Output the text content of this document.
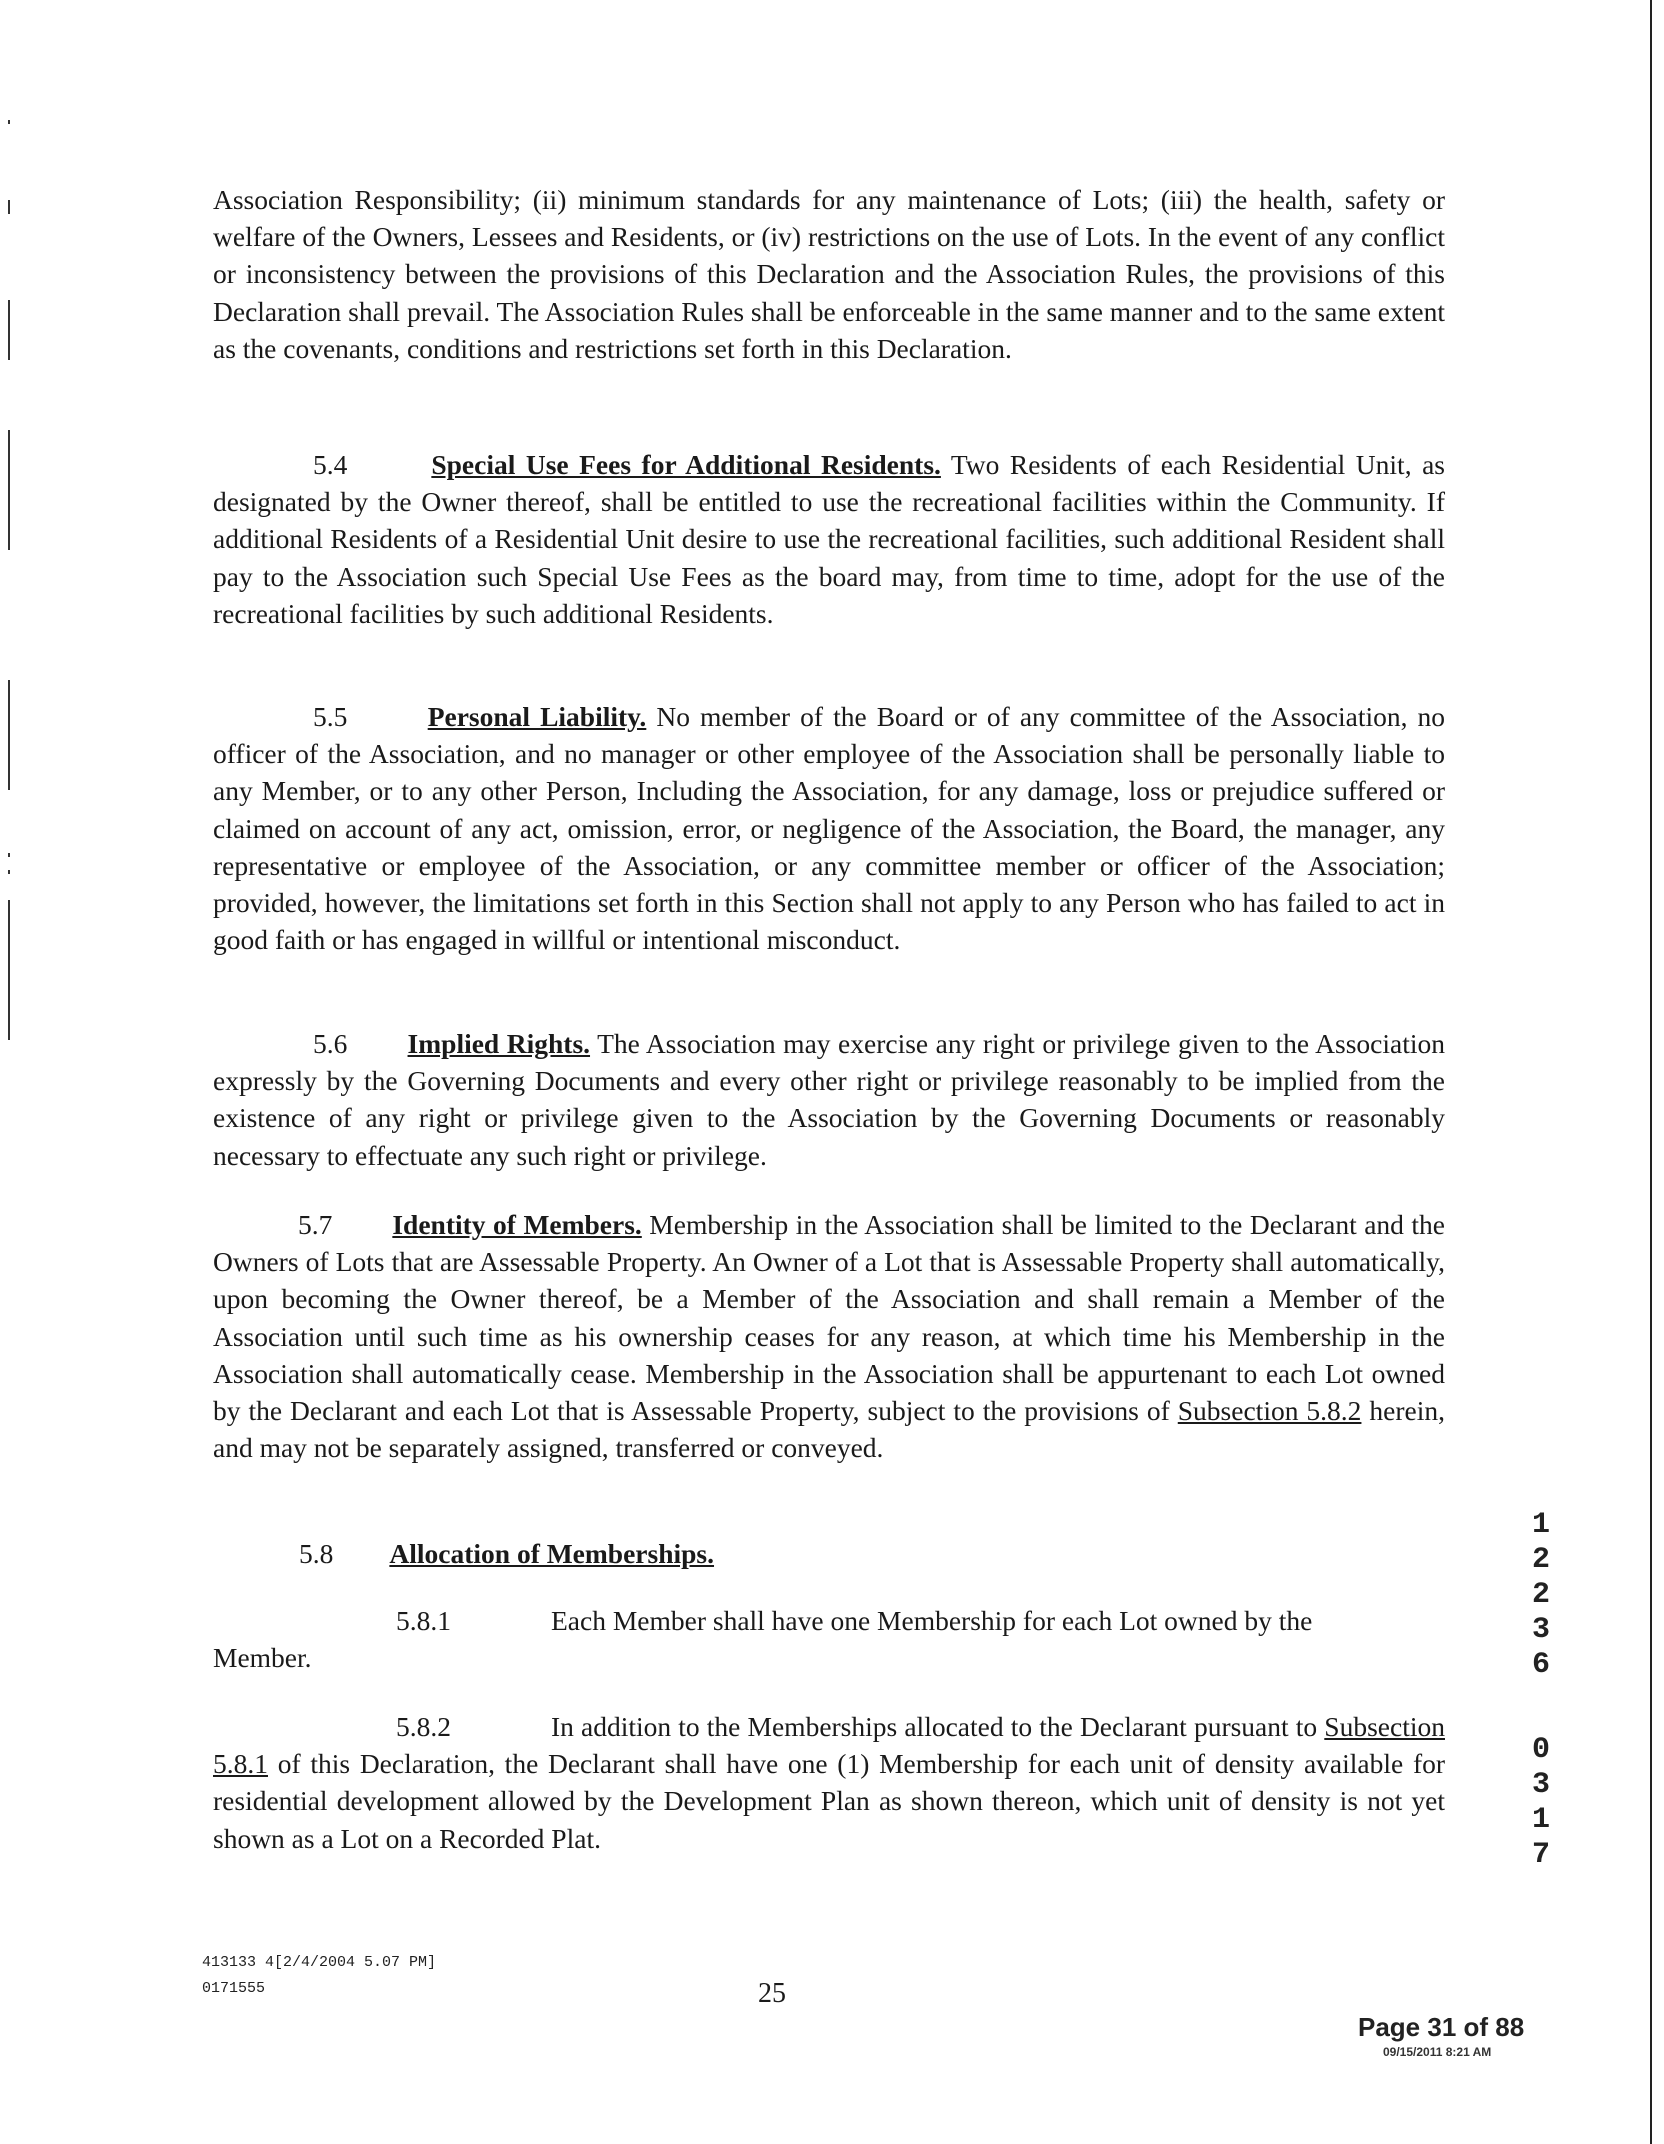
Association Responsibility; (ii) minimum standards for any maintenance of Lots; (iii) the health, safety or welfare of the Owners, Lessees and Residents, or (iv) restrictions on the use of Lots. In the event of any conflict or inconsistency between the provisions of this Declaration and the Association Rules, the provisions of this Declaration shall prevail. The Association Rules shall be enforceable in the same manner and to the same extent as the covenants, conditions and restrictions set forth in this Declaration.

5.4	Special Use Fees for Additional Residents. Two Residents of each Residential Unit, as designated by the Owner thereof, shall be entitled to use the recreational facilities within the Community. If additional Residents of a Residential Unit desire to use the recreational facilities, such additional Resident shall pay to the Association such Special Use Fees as the board may, from time to time, adopt for the use of the recreational facilities by such additional Residents.

5.5	Personal Liability. No member of the Board or of any committee of the Association, no officer of the Association, and no manager or other employee of the Association shall be personally liable to any Member, or to any other Person, Including the Association, for any damage, loss or prejudice suffered or claimed on account of any act, omission, error, or negligence of the Association, the Board, the manager, any representative or employee of the Association, or any committee member or officer of the Association; provided, however, the limitations set forth in this Section shall not apply to any Person who has failed to act in good faith or has engaged in willful or intentional misconduct.

5.6 Implied Rights. The Association may exercise any right or privilege given to the Association expressly by the Governing Documents and every other right or privilege reasonably to be implied from the existence of any right or privilege given to the Association by the Governing Documents or reasonably necessary to effectuate any such right or privilege.

5.7 Identity of Members. Membership in the Association shall be limited to the Declarant and the Owners of Lots that are Assessable Property. An Owner of a Lot that is Assessable Property shall automatically, upon becoming the Owner thereof, be a Member of the Association and shall remain a Member of the Association until such time as his ownership ceases for any reason, at which time his Membership in the Association shall automatically cease. Membership in the Association shall be appurtenant to each Lot owned by the Declarant and each Lot that is Assessable Property, subject to the provisions of Subsection 5.8.2 herein, and may not be separately assigned, transferred or conveyed.

5.8 Allocation of Memberships.
5.8.1	Each Member shall have one Membership for each Lot owned by the
Member.

5.8.2	In addition to the Memberships allocated to the Declarant pursuant to Subsection 5.8.1 of this Declaration, the Declarant shall have one (1) Membership for each unit of density available for residential development allowed by the Development Plan as shown thereon, which unit of density is not yet shown as a Lot on a Recorded Plat.

413133 4[2/4/2004 5.07 PM]
0171555	25
Page 31 of 88
09/15/2011 8:21 AM
1
2
2
3
6
0
3
1
7
